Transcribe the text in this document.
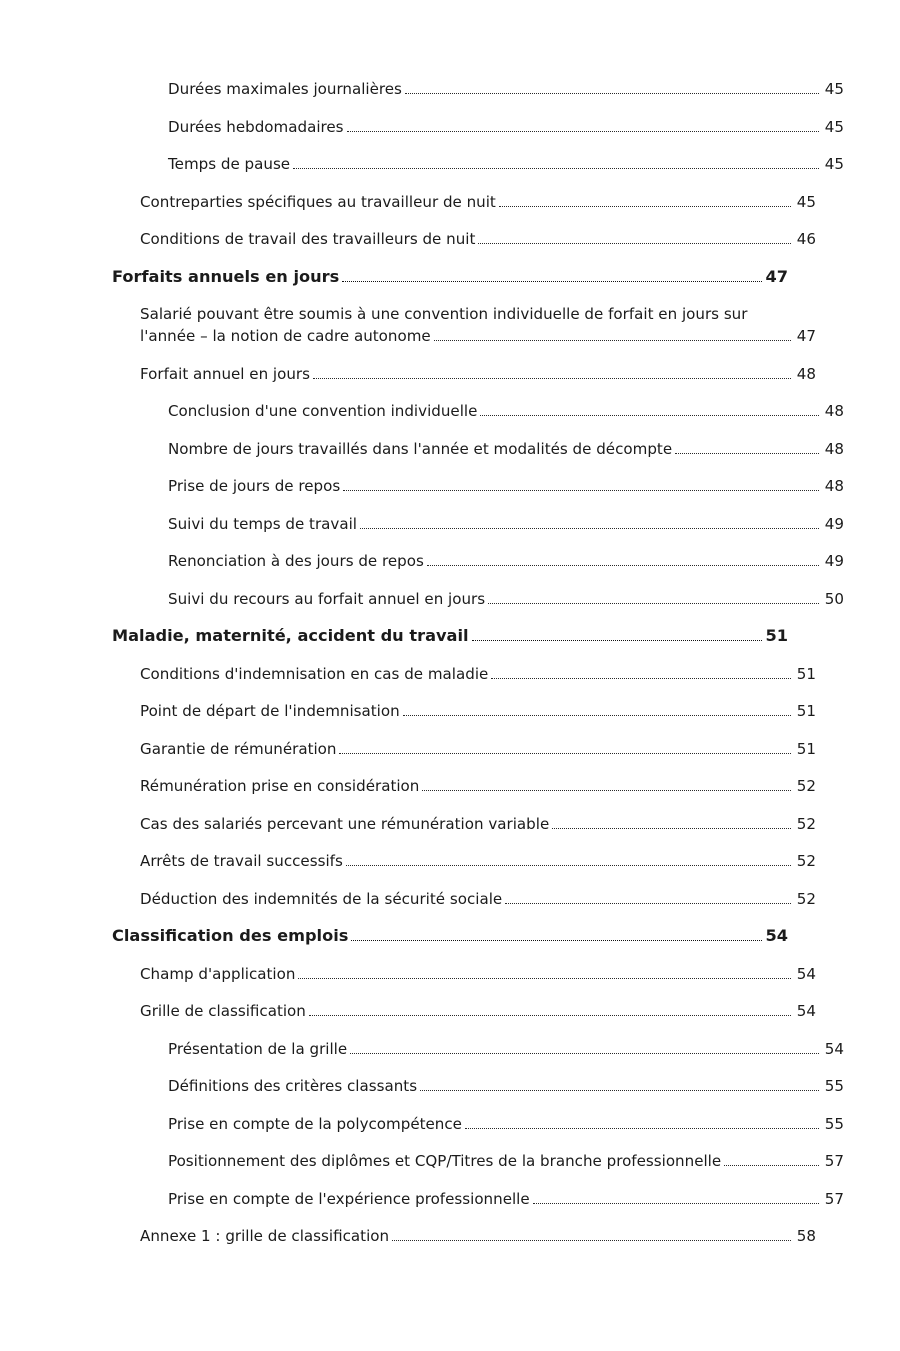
Durées maximales journalières	45
Durées hebdomadaires	45
Temps de pause	45
Contreparties spécifiques au travailleur de nuit	45
Conditions de travail des travailleurs de nuit	46
Forfaits annuels en jours	47
Salarié pouvant être soumis à une convention individuelle de forfait en jours sur
l'année – la notion de cadre autonome	47
Forfait annuel en jours	48
Conclusion d'une convention individuelle	48
Nombre de jours travaillés dans l'année et modalités de décompte	48
Prise de jours de repos	48
Suivi du temps de travail	49
Renonciation à des jours de repos	49
Suivi du recours au forfait annuel en jours	50
Maladie, maternité, accident du travail	51
Conditions d'indemnisation en cas de maladie	51
Point de départ de l'indemnisation	51
Garantie de rémunération	51
Rémunération prise en considération	52
Cas des salariés percevant une rémunération variable	52
Arrêts de travail successifs	52
Déduction des indemnités de la sécurité sociale	52
Classification des emplois	54
Champ d'application	54
Grille de classification	54
Présentation de la grille	54
Définitions des critères classants	55
Prise en compte de la polycompétence	55
Positionnement des diplômes et CQP/Titres de la branche professionnelle	57
Prise en compte de l'expérience professionnelle	57
Annexe 1 : grille de classification	58
